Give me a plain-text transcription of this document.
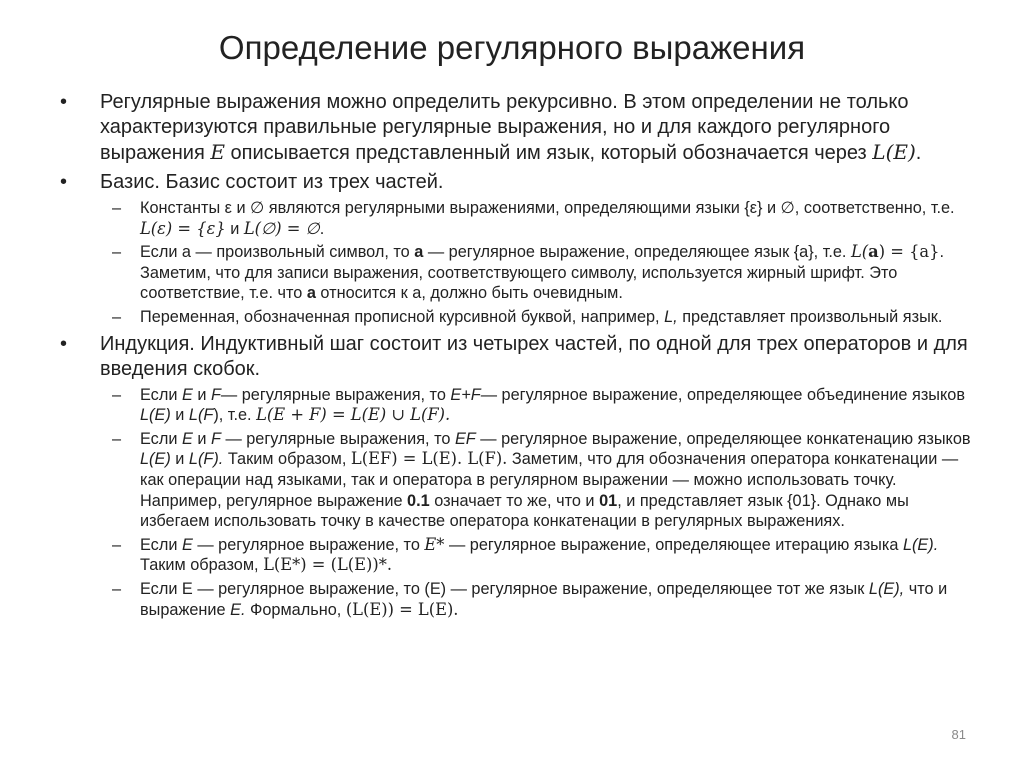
Определение регулярного выражения
•	Регулярные выражения можно определить рекурсивно. В этом определении не только характеризуются правильные регулярные выражения, но и для каждого регулярного выражения E описывается представленный им язык, который обозначается через L(E).
•	Базис. Базис состоит из трех частей.
– Константы ε и ∅ являются регулярными выражениями, определяющими языки {ε} и ∅, соответственно, т.е. L(ε) = {ε} и L(∅) = ∅.
– Если a — произвольный символ, то a — регулярное выражение, определяющее язык {a}, т.е. L(a) = {a}. Заметим, что для записи выражения, соответствующего символу, используется жирный шрифт. Это соответствие, т.е. что a относится к a, должно быть очевидным.
– Переменная, обозначенная прописной курсивной буквой, например, L, представляет произвольный язык.
•	Индукция. Индуктивный шаг состоит из четырех частей, по одной для трех операторов и для введения скобок.
– Если E и F— регулярные выражения, то E+F— регулярное выражение, определяющее объединение языков L(E) и L(F), т.е. L(E + F) = L(E) ∪ L(F).
– Если E и F — регулярные выражения, то EF — регулярное выражение, определяющее конкатенацию языков L(E) и L(F). Таким образом, L(EF) = L(E). L(F). Заметим, что для обозначения оператора конкатенации — как операции над языками, так и оператора в регулярном выражении — можно использовать точку. Например, регулярное выражение 0.1 означает то же, что и 01, и представляет язык {01}. Однако мы избегаем использовать точку в качестве оператора конкатенации в регулярных выражениях.
– Если E — регулярное выражение, то E* — регулярное выражение, определяющее итерацию языка L(E). Таким образом, L(E*) = (L(E))*.
– Если Е — регулярное выражение, то (Е) — регулярное выражение, определяющее тот же язык L(E), что и выражение E. Формально, (L(E)) = L(E).
81
